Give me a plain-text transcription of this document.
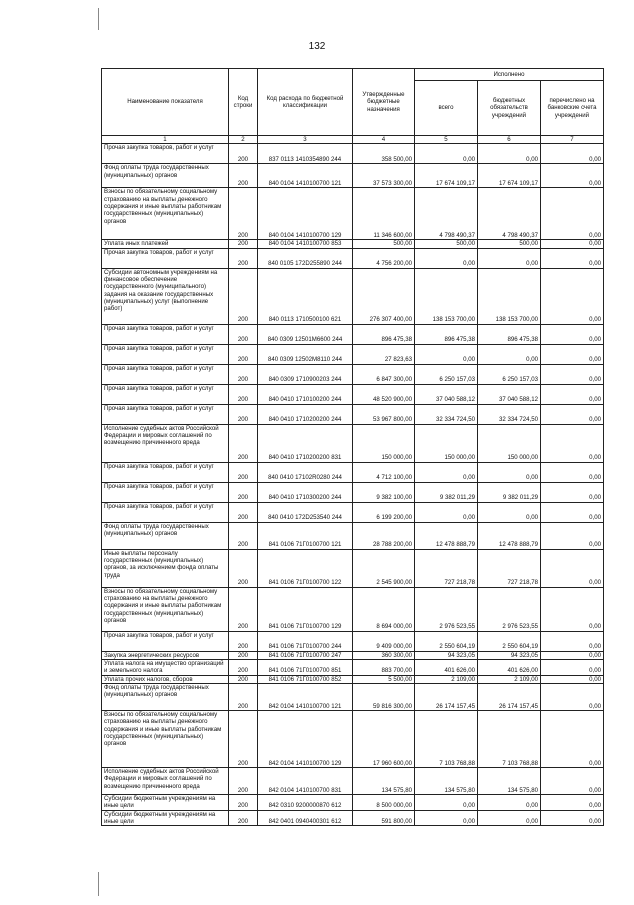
132
Наименование показателя	Код строки	Код расхода по бюджетной классификации	Утвержденные бюджетные назначения	Исполнено		
				всего	бюджетных обязательств учреждений	перечислено на банковские счета учреждений
1	2	3	4	5	6	7
Прочая закупка товаров, работ и услуг	200	837 0113 1410354890 244	358 500,00	0,00	0,00	0,00
Фонд оплаты труда государственных (муниципальных) органов	200	840 0104 1410100700 121	37 573 300,00	17 674 109,17	17 674 109,17	0,00
Взносы по обязательному социальному страхованию на выплаты денежного содержания и иные выплаты работникам государственных (муниципальных) органов	200	840 0104 1410100700 129	11 346 600,00	4 798 490,37	4 798 490,37	0,00
Уплата иных платежей	200	840 0104 1410100700 853	500,00	500,00	500,00	0,00
Прочая закупка товаров, работ и услуг	200	840 0105 172D255890 244	4 756 200,00	0,00	0,00	0,00
Субсидии автономным учреждениям на финансовое обеспечение государственного (муниципального) задания на оказание государственных (муниципальных) услуг (выполнение работ)	200	840 0113 1710500100 621	276 307 400,00	138 153 700,00	138 153 700,00	0,00
Прочая закупка товаров, работ и услуг	200	840 0309 12501M6600 244	896 475,38	896 475,38	896 475,38	0,00
Прочая закупка товаров, работ и услуг	200	840 0309 12502M8110 244	27 823,63	0,00	0,00	0,00
Прочая закупка товаров, работ и услуг	200	840 0309 1710900203 244	6 847 300,00	6 250 157,03	6 250 157,03	0,00
Прочая закупка товаров, работ и услуг	200	840 0410 1710100200 244	48 520 900,00	37 040 588,12	37 040 588,12	0,00
Прочая закупка товаров, работ и услуг	200	840 0410 1710200200 244	53 967 800,00	32 334 724,50	32 334 724,50	0,00
Исполнение судебных актов Российской Федерации и мировых соглашений по возмещению причиненного вреда	200	840 0410 1710200200 831	150 000,00	150 000,00	150 000,00	0,00
Прочая закупка товаров, работ и услуг	200	840 0410 17102R0280 244	4 712 100,00	0,00	0,00	0,00
Прочая закупка товаров, работ и услуг	200	840 0410 1710300200 244	9 382 100,00	9 382 011,29	9 382 011,29	0,00
Прочая закупка товаров, работ и услуг	200	840 0410 172D253540 244	6 199 200,00	0,00	0,00	0,00
Фонд оплаты труда государственных (муниципальных) органов	200	841 0106 71Г0100700 121	28 788 200,00	12 478 888,79	12 478 888,79	0,00
Иные выплаты персоналу государственных (муниципальных) органов, за исключением фонда оплаты труда	200	841 0106 71Г0100700 122	2 545 900,00	727 218,78	727 218,78	0,00
Взносы по обязательному социальному страхованию на выплаты денежного содержания и иные выплаты работникам государственных (муниципальных) органов	200	841 0106 71Г0100700 129	8 694 000,00	2 976 523,55	2 976 523,55	0,00
Прочая закупка товаров, работ и услуг	200	841 0106 71Г0100700 244	9 409 000,00	2 550 604,19	2 550 604,19	0,00
Закупка энергетических ресурсов	200	841 0106 71Г0100700 247	360 300,00	94 323,05	94 323,05	0,00
Уплата налога на имущество организаций и земельного налога	200	841 0106 71Г0100700 851	883 700,00	401 626,00	401 626,00	0,00
Уплата прочих налогов, сборов	200	841 0106 71Г0100700 852	5 500,00	2 109,00	2 109,00	0,00
Фонд оплаты труда государственных (муниципальных) органов	200	842 0104 1410100700 121	59 816 300,00	26 174 157,45	26 174 157,45	0,00
Взносы по обязательному социальному страхованию на выплаты денежного содержания и иные выплаты работникам государственных (муниципальных) органов	200	842 0104 1410100700 129	17 960 600,00	7 103 768,88	7 103 768,88	0,00
Исполнение судебных актов Российской Федерации и мировых соглашений по возмещению причиненного вреда	200	842 0104 1410100700 831	134 575,80	134 575,80	134 575,80	0,00
Субсидии бюджетным учреждениям на иные цели	200	842 0310 9200000870 612	8 500 000,00	0,00	0,00	0,00
Субсидии бюджетным учреждениям на иные цели	200	842 0401 0940400301 612	591 800,00	0,00	0,00	0,00
